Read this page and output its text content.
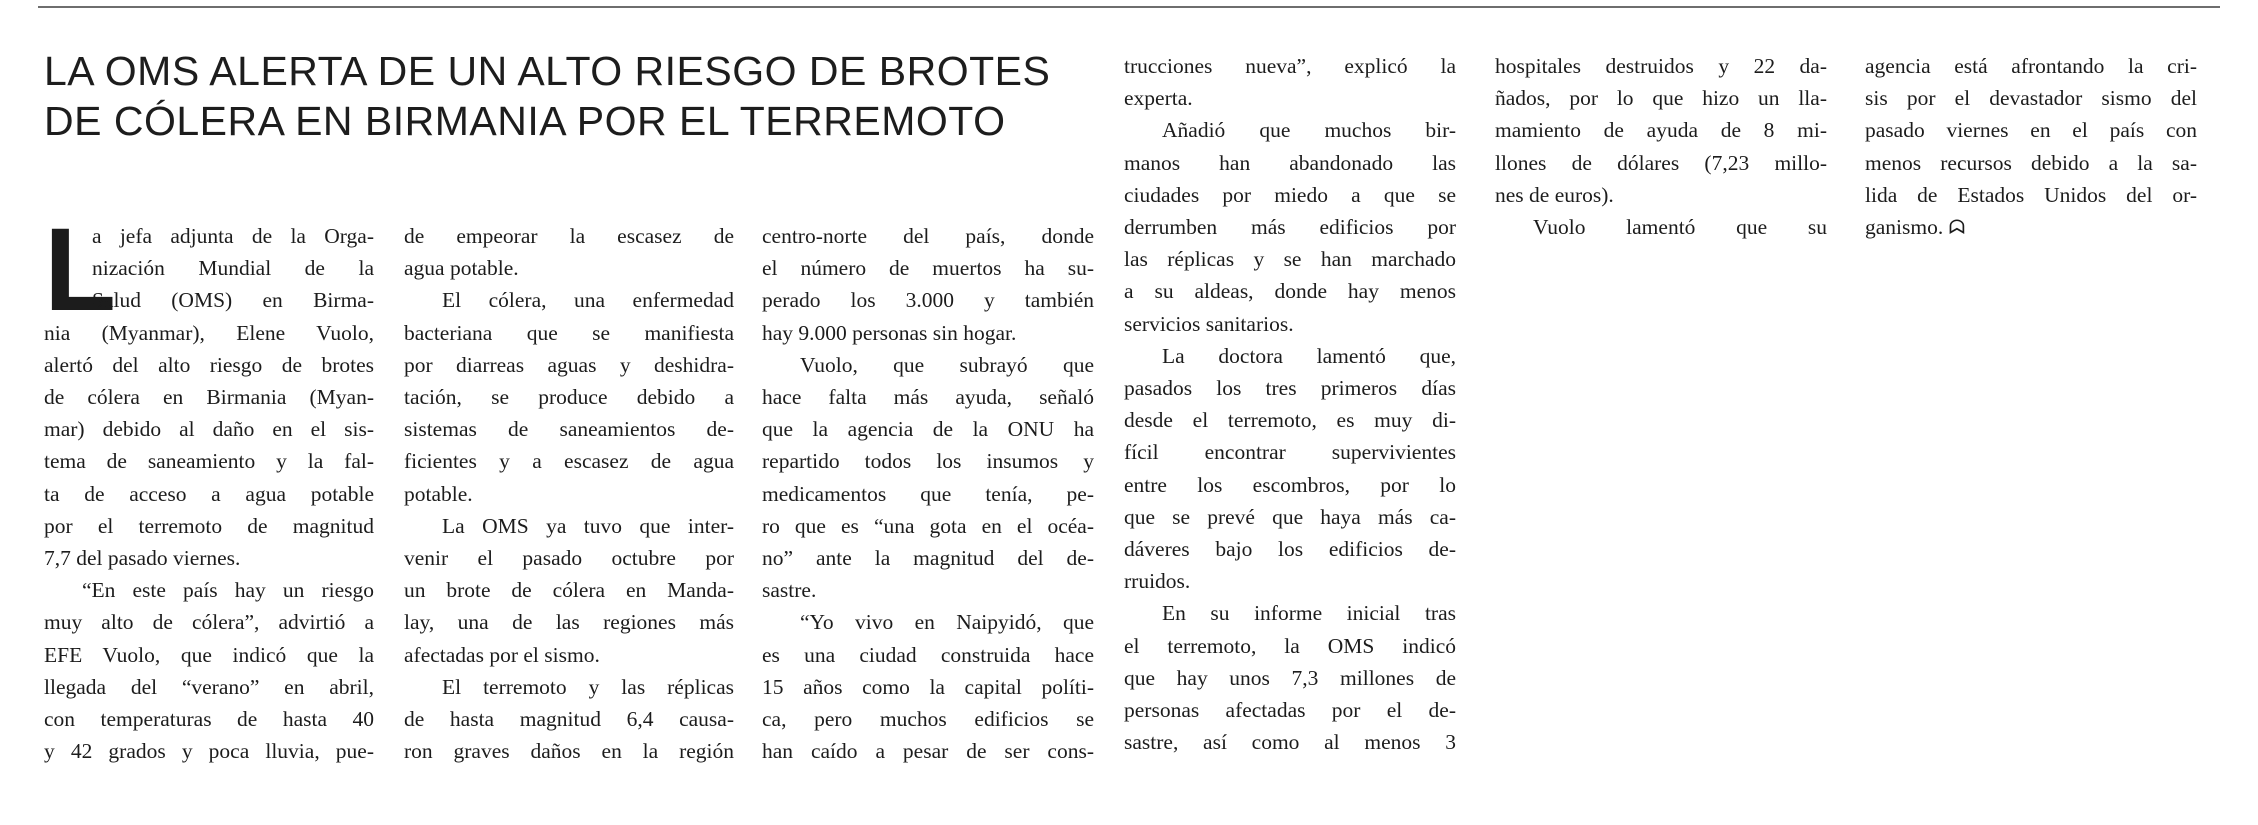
LA OMS ALERTA DE UN ALTO RIESGO DE BROTES
DE CÓLERA EN BIRMANIA POR EL TERREMOTO
L
a jefa adjunta de la Orga-
nización Mundial de la
Salud (OMS) en Birma-
nia (Myanmar), Elene Vuolo,
alertó del alto riesgo de brotes
de cólera en Birmania (Myan-
mar) debido al daño en el sis-
tema de saneamiento y la fal-
ta de acceso a agua potable
por el terremoto de magnitud
7,7 del pasado viernes.
“En este país hay un riesgo
muy alto de cólera”, advirtió a
EFE Vuolo, que indicó que la
llegada del “verano” en abril,
con temperaturas de hasta 40
y 42 grados y poca lluvia, pue-
de empeorar la escasez de
agua potable.
El cólera, una enfermedad
bacteriana que se manifiesta
por diarreas aguas y deshidra-
tación, se produce debido a
sistemas de saneamientos de-
ficientes y a escasez de agua
potable.
La OMS ya tuvo que inter-
venir el pasado octubre por
un brote de cólera en Manda-
lay, una de las regiones más
afectadas por el sismo.
El terremoto y las réplicas
de hasta magnitud 6,4 causa-
ron graves daños en la región
centro-norte del país, donde
el número de muertos ha su-
perado los 3.000 y también
hay 9.000 personas sin hogar.
Vuolo, que subrayó que
hace falta más ayuda, señaló
que la agencia de la ONU ha
repartido todos los insumos y
medicamentos que tenía, pe-
ro que es “una gota en el océa-
no” ante la magnitud del de-
sastre.
“Yo vivo en Naipyidó, que
es una ciudad construida hace
15 años como la capital políti-
ca, pero muchos edificios se
han caído a pesar de ser cons-
trucciones nueva”, explicó la
experta.
Añadió que muchos bir-
manos han abandonado las
ciudades por miedo a que se
derrumben más edificios por
las réplicas y se han marchado
a su aldeas, donde hay menos
servicios sanitarios.
La doctora lamentó que,
pasados los tres primeros días
desde el terremoto, es muy di-
fícil encontrar supervivientes
entre los escombros, por lo
que se prevé que haya más ca-
dáveres bajo los edificios de-
rruidos.
En su informe inicial tras
el terremoto, la OMS indicó
que hay unos 7,3 millones de
personas afectadas por el de-
sastre, así como al menos 3
hospitales destruidos y 22 da-
ñados, por lo que hizo un lla-
mamiento de ayuda de 8 mi-
llones de dólares (7,23 millo-
nes de euros).
Vuolo lamentó que su
agencia está afrontando la cri-
sis por el devastador sismo del
pasado viernes en el país con
menos recursos debido a la sa-
lida de Estados Unidos del or-
ganismo. ᗣ
